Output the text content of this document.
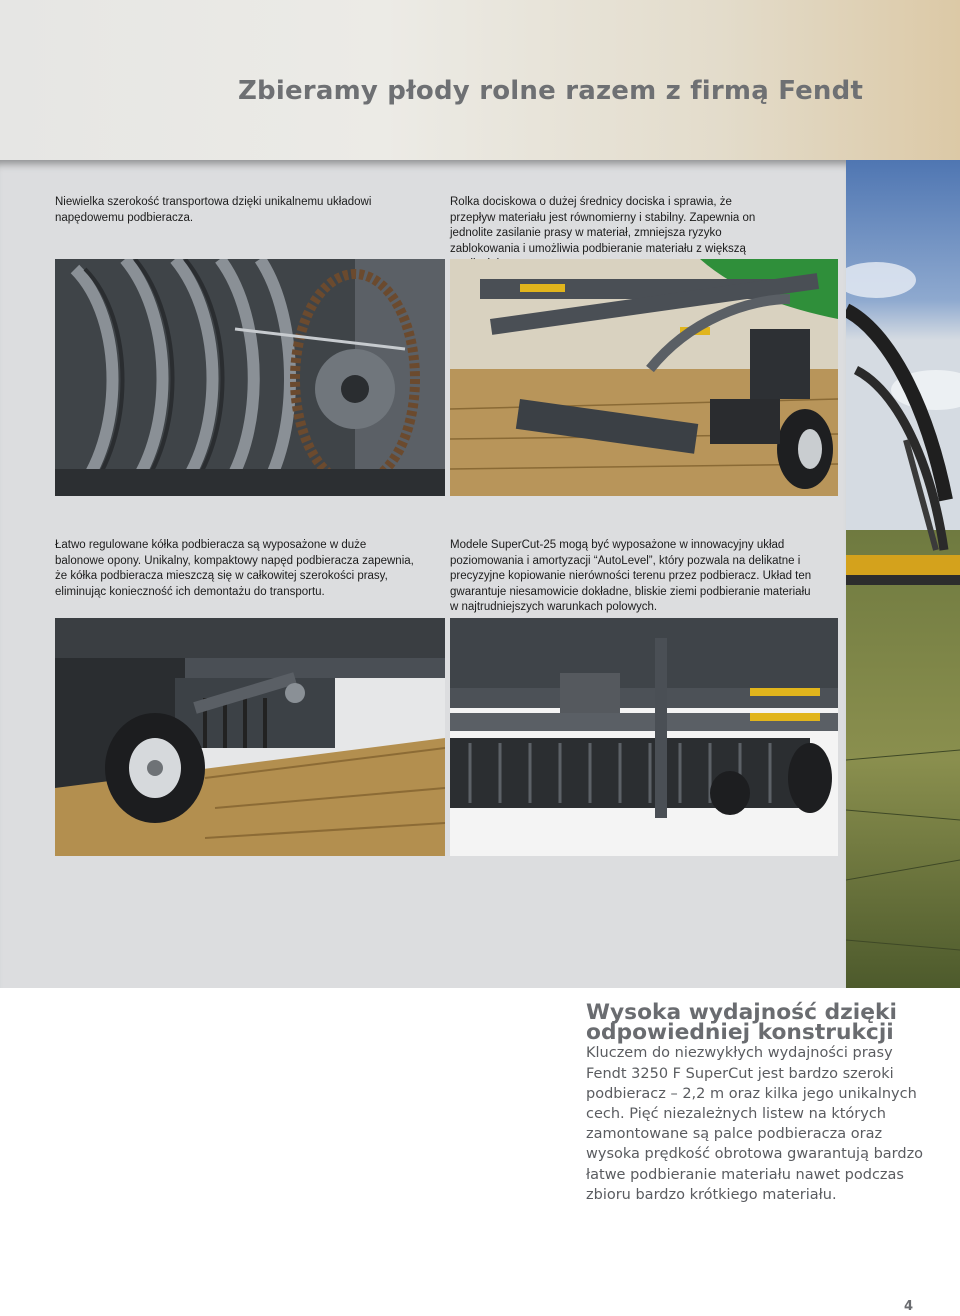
Zbieramy płody rolne razem z firmą Fendt

Niewielka szerokość transportowa dzięki unikalnemu układowi napędowemu podbieracza.

Rolka dociskowa o dużej średnicy dociska i sprawia, że przepływ materiału jest równomierny i stabilny. Zapewnia on jednolite zasilanie prasy w materiał, zmniejsza ryzyko zablokowania i umożliwia podbieranie materiału z większą

Łatwo regulowane kółka podbieracza są wyposażone w duże balonowe opony. Unikalny, kompaktowy napęd podbieracza zapewnia, że kółka podbieracza mieszczą się w całkowitej szerokości prasy, eliminując konieczność ich demontażu do transportu.

Modele SuperCut-25 mogą być wyposażone w innowacyjny układ poziomowania i amortyzacji “AutoLevel”, który pozwala na delikatne i precyzyjne kopiowanie nierówności terenu przez podbieracz. Układ ten gwarantuje niesamowicie dokładne, bliskie ziemi podbieranie materiału w najtrudniejszych warunkach polowych.

Wysoka wydajność dzięki odpowiedniej konstrukcji

Kluczem do niezwykłych wydajności prasy Fendt 3250 F SuperCut jest bardzo szeroki podbieracz – 2,2 m oraz kilka jego unikalnych cech. Pięć niezależnych listew na których zamontowane są palce podbieracza oraz wysoka prędkość obrotowa gwarantują bardzo łatwe podbieranie materiału nawet podczas zbioru bardzo krótkiego materiału.

4
